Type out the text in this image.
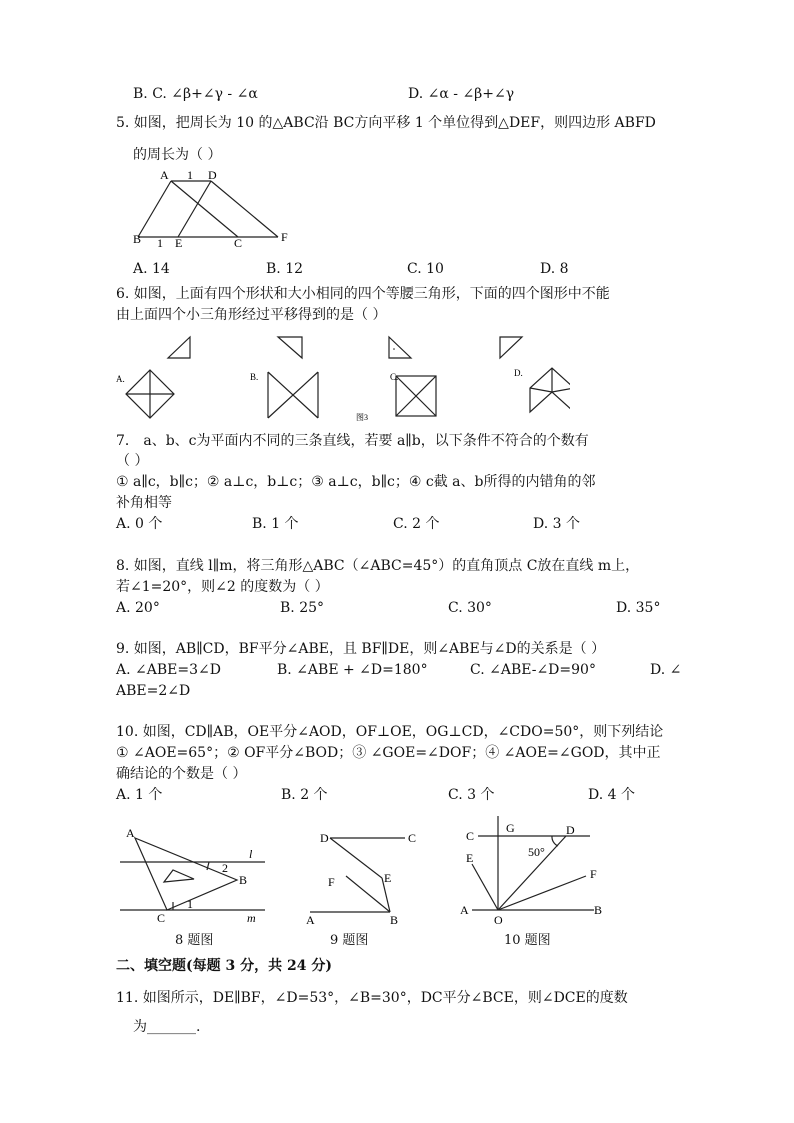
B. C. ∠β+∠γ - ∠α	D. ∠α - ∠β+∠γ
5. 如图，把周长为 10 的△ABC沿 BC方向平移 1 个单位得到△DEF，则四边形 ABFD
的周长为（ ）
A 1 D
B 1 E	C	F
A. 14	B. 12	C. 10	D. 8
6. 如图，上面有四个形状和大小相同的四个等腰三角形，下面的四个图形中不能
由上面四个小三角形经过平移得到的是（ ）
A.	B.	C.	D.
图3
7． a、b、c为平面内不同的三条直线，若要 a∥b，以下条件不符合的个数有
（ ）
① a∥c，b∥c；② a⊥c，b⊥c；③ a⊥c，b∥c；④ c截 a、b所得的内错角的邻
补角相等
A. 0 个	B. 1 个	C. 2 个	D. 3 个
8. 如图，直线 l∥m，将三角形△ABC（∠ABC=45°）的直角顶点 C放在直线 m上，
若∠1=20°，则∠2 的度数为（ ）
A. 20°	B. 25°	C. 30°	D. 35°
9. 如图，AB∥CD，BF平分∠ABE，且 BF∥DE，则∠ABE与∠D的关系是（ ）
A. ∠ABE=3∠D	B. ∠ABE + ∠D=180°	C. ∠ABE-∠D=90°	D. ∠
ABE=2∠D
10. 如图，CD∥AB，OE平分∠AOD，OF⊥OE，OG⊥CD，∠CDO=50°，则下列结论
① ∠AOE=65°；② OF平分∠BOD；③ ∠GOE=∠DOF；④ ∠AOE=∠GOD，其中正
确结论的个数是（ ）
A. 1 个	B. 2 个	C. 3 个	D. 4 个
A
B
C
l
m
1
2
8 题图
D	C
F	E
A	B
9 题图
C
G	D
E	50°
F
A
O
B
10 题图
二、填空题(每题 3 分，共 24 分)
11. 如图所示，DE∥BF，∠D=53°，∠B=30°，DC平分∠BCE，则∠DCE的度数
为_______.
